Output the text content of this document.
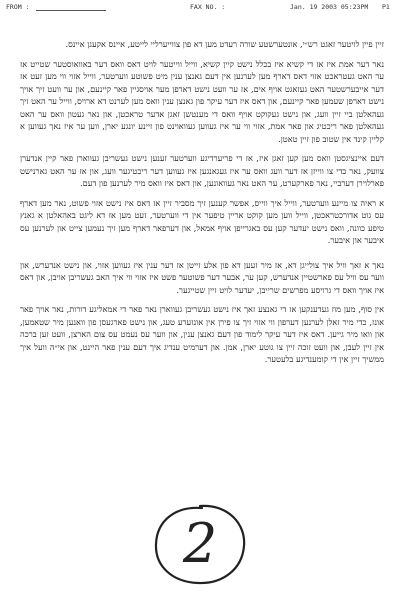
FROM :	FAX NO. :	Jan. 19 2003 05:23PM P1

זיין פיין לויטער זאגט רש״י, אונטערשטע שורה רעדט מען דא פון צווייערליי לייטע, איינס אקעגן איינס.

נאר דער אמת איז אז די קשיא איז בכלל נישט קיין קשיא, ווייל ווייטער לויט דאס וואס דער באוואוסטער שטייט אז ער האט געטראכט אזוי דאס דארף מען לערנען אין דעם גאנצן ענין מיט פשוטע ווערטער, ווייל אזוי ווי מען זעט אז דער אייבערשטער האט געזאגט אויף אים, אז ער וועט נישט דארפן מער אויסגיין פאר קיינעם, און ער וועט זיך אויך נישט דארפן שעמען פאר קיינעם, און דאס איז דער עיקר פון גאנצן ענין וואס מען לערנט דא ארויס, ווייל ער האט זיך געהאלטן ביי זיין וועג, און נישט געקוקט אויף וואס די מענטשן זאגן אדער טראכטן, און נאר געטון וואס ער האט געהאלטן פאר ריכטיג און פאר אמת, אזוי ווי ער איז געווען געוואוינט פון זיינע יונגע יארן, ווען ער איז נאך געווען א קליין קינד אין שטוב פון זיין טאטן.

דעם איינציגסטן וואס מען קען זאגן איז, אז די פריערדיגע ווערטער זענען נישט געשריבן געווארן פאר קיין אנדערן צוועק, נאר כדי צו ווייזן אז דער וועג וואס ער איז געגאנגען איז געווען דער ריכטיגער וועג, און אז ער האט גארנישט פארלוירן דערביי, נאר פארקערט, ער האט נאר געוואונען, און דאס איז וואס מיר לערנען פון דעם.

א ראיה צו מיינע ווערטער, ווייל איך ווייס, אפשר קענען זיך מסביר זיין אז דאס איז נישט אזוי פשוט, נאר מען דארף עס גוט אדורכטראכטן, ווייל ווען מען קוקט אריין טיפער אין די ווערטער, זעט מען אז דא ליגט באהאלטן א גאנץ טיפע כוונה, וואס נישט יעדער קען עס באגרייפן אויף אמאל, און דערפאר דארף מען זיך נעמען צייט און לערנען עס איבער און איבער.

נאך א זאך וויל איך צולייגן דא, אז מיר זעען דא פון אלע זייטן אז דער ענין איז געווען אזוי, און נישט אנדערש, און ווער עס וויל עס פארשטיין אנדערש, קען ער, אבער דער פשוטער פשט איז אזוי ווי איך האב געשריבן אויבן, און דאס איז אויך וואס די גרויסע מפרשים שרייבן, יעדער לויט זיין שטייגער.

אין סוף, מען מוז געדענקען אז די גאנצע זאך איז נישט געשריבן געווארן נאר פאר די אמאליגע דורות, נאר אויך פאר אונז, כדי מיר זאלן לערנען דערפון ווי אזוי זיך צו פירן אין אונזערע טעג, און נישט פארגעסן פון וואנען מיר שטאמען, און וואו מיר גייען. דאס איז דער עיקר לימוד פון דעם גאנצן ענין, און ווער עס נעמט עס צום הארצן, וועט זען ברכה אין זיין לעבן, און וועט זוכה זיין צו גוטע יארן, אמן. און דערמיט ענדיג איך דעם ענין פאר היינט, און אי״ה וועל איך ממשיך זיין אין די קומענדיגע בלעטער.

2
